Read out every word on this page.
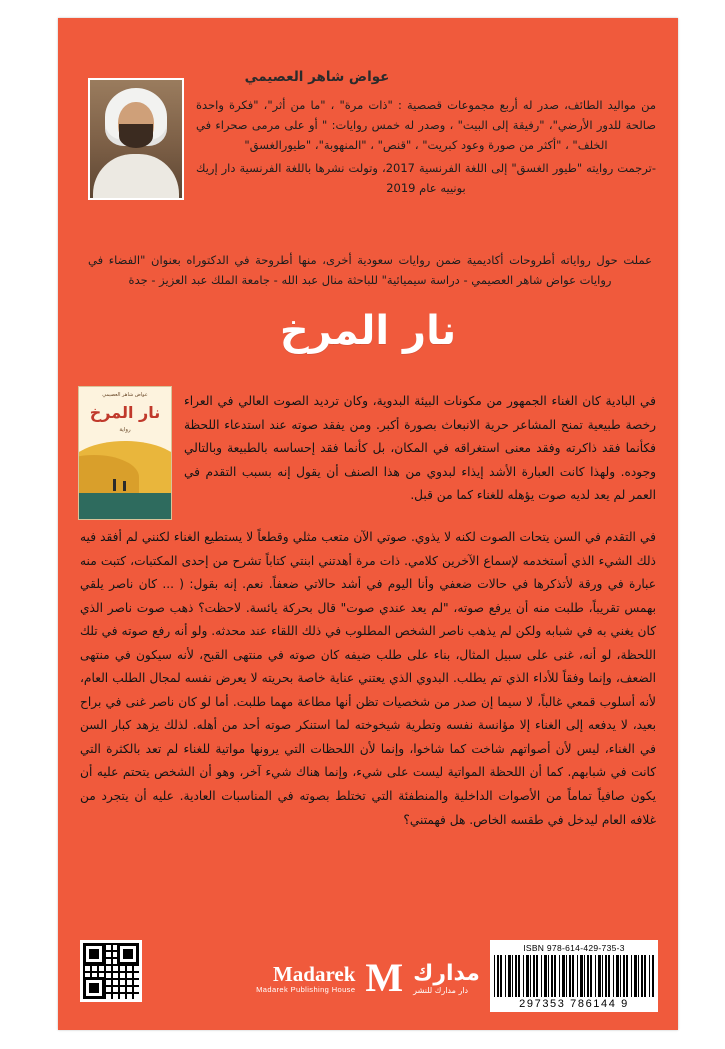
عواض شاهر العصيمي

من مواليد الطائف، صدر له أربع مجموعات قصصية : "ذات مرة" ، "ما من أثر"، "فكرة واحدة صالحة للدور الأرضي"، "رفيقة إلى البيت" ، وصدر له خمس روايات: " أو على مرمى صحراء في الخلف" ، "أكثر من صورة وعود كبريت" ، "قنص" ، "المنهوبة"، "طيورالغسق"

-ترجمت روايته "طيور الغسق" إلى اللغة الفرنسية 2017، وتولت نشرها باللغة الفرنسية دار إريك بونييه عام 2019

عملت حول رواياته أطروحات أكاديمية ضمن روايات سعودية أخرى، منها أطروحة في الدكتوراه بعنوان "الفضاء في روايات عواض شاهر العصيمي - دراسة سيميائية" للباحثة منال عبد الله - جامعة الملك عبد العزيز - جدة

نار المرخ
عواض شاهر العصيمي
نار المرخ
رواية

في البادية كان الغناء الجمهور من مكونات البيئة البدوية، وكان ترديد الصوت العالي في العراء رخصة طبيعية تمنح المشاعر حرية الانبعاث بصورة أكبر. ومن يفقد صوته عند استدعاء اللحظة فكأنما فقد ذاكرته وفقد معنى استغراقه في المكان، بل كأنما فقد إحساسه بالطبيعة وبالتالي وجوده. ولهذا كانت العبارة الأشد إيذاء لبدوي من هذا الصنف أن يقول إنه بسبب التقدم في العمر لم يعد لديه صوت يؤهله للغناء كما من قبل.

في التقدم في السن يتحات الصوت لكنه لا يذوي. صوتي الآن متعب مثلي وقطعاً لا يستطيع الغناء لكنني لم أفقد فيه ذلك الشيء الذي أستخدمه لإسماع الآخرين كلامي. ذات مرة أهدتني ابنتي كتاباً تشرح من إحدى المكتبات، كتبت منه عبارة في ورقة لأتذكرها في حالات ضعفي وأنا اليوم في أشد حالاتي ضعفاً. نعم. إنه بقول: ( ... كان ناصر يلقي بهمس تقريباً، طلبت منه أن يرفع صوته، "لم يعد عندي صوت" قال بحركة يائسة. لاحظت؟ ذهب صوت ناصر الذي كان يغني به في شبابه ولكن لم يذهب ناصر الشخص المطلوب في ذلك اللقاء عند محدثه. ولو أنه رفع صوته في تلك اللحظة، لو أنه، غنى على سبيل المثال، بناء على طلب ضيفه كان صوته في منتهى القبح، لأنه سيكون في منتهى الضعف، وإنما وفقاً للأداء الذي تم يطلب. البدوي الذي يعتني عناية خاصة بحريته لا يعرض نفسه لمجال الطلب العام، لأنه أسلوب قمعي غالباً، لا سيما إن صدر من شخصيات تظن أنها مطاعة مهما طلبت. أما لو كان ناصر غنى في براح بعيد، لا يدفعه إلى الغناء إلا مؤانسة نفسه وتطرية شيخوخته لما استنكر صوته أحد من أهله. لذلك يزهد كبار السن في الغناء، ليس لأن أصواتهم شاخت كما شاخوا، وإنما لأن اللحظات التي يرونها مواتية للغناء لم تعد بالكثرة التي كانت في شبابهم. كما أن اللحظة المواتية ليست على شيء، وإنما هناك شيء آخر، وهو أن الشخص يتحتم عليه أن يكون صافياً تماماً من الأصوات الداخلية والمنطفئة التي تختلط بصوته في المناسبات العادية. عليه أن يتجرد من غلافه العام ليدخل في طقسه الخاص. هل فهمتني؟

ISBN 978-614-429-735-3
9 786144 297353
مدارك
دار مدارك للنشر
M
Madarek
Madarek Publishing House
